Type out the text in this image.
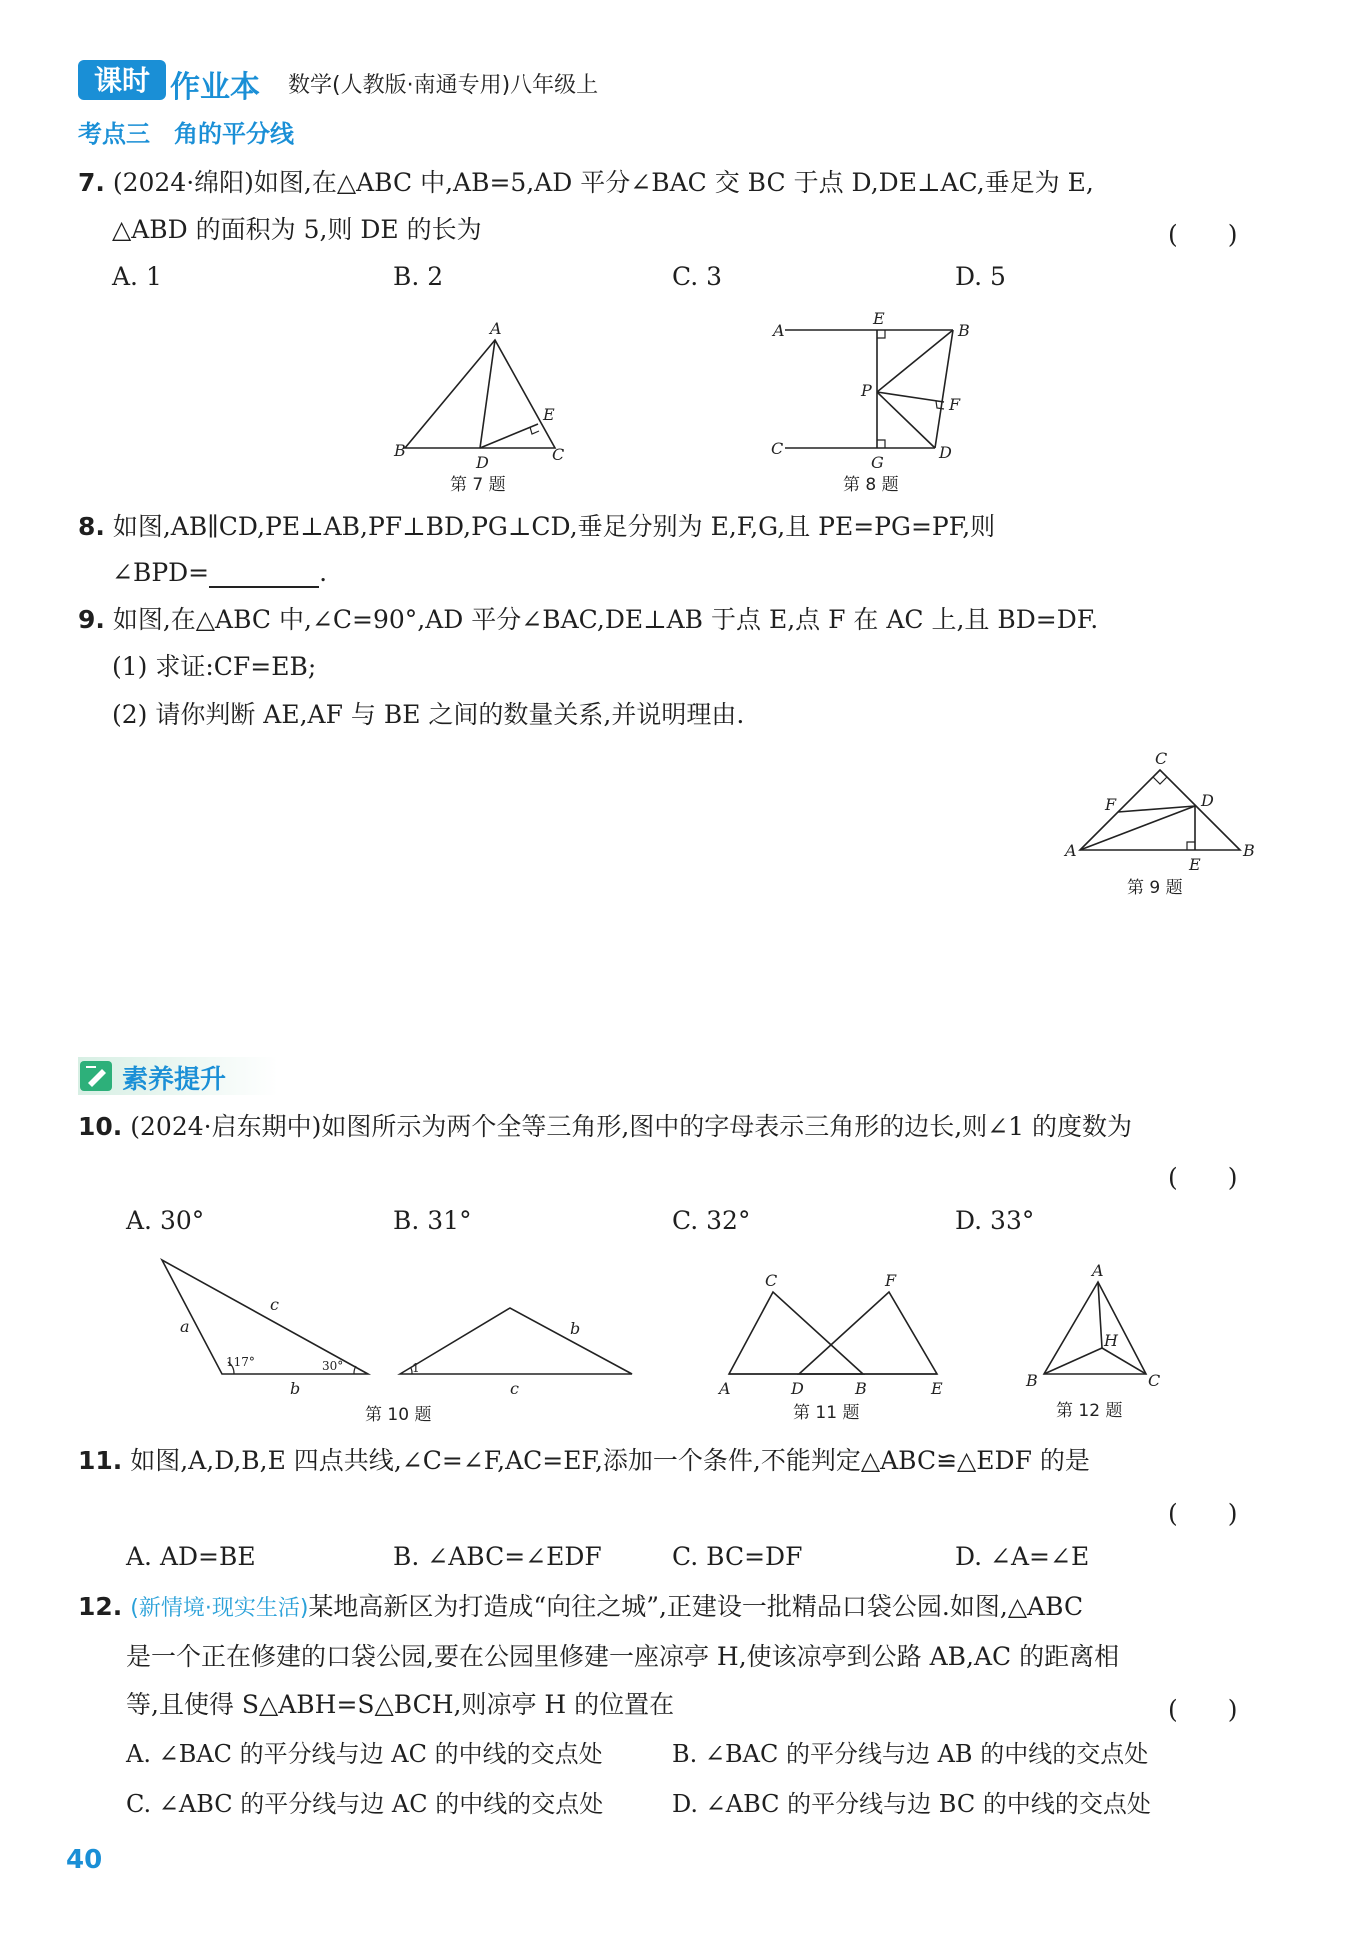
课时 作业本 数学(人教版·南通专用)八年级上
考点三　角的平分线
7. (2024·绵阳)如图,在△ABC 中,AB=5,AD 平分∠BAC 交 BC 于点 D,DE⊥AC,垂足为 E,
△ABD 的面积为 5,则 DE 的长为	(　　)
A. 1	B. 2	C. 3	D. 5
A
B
D
E
C
第 7 题
A
E
B
P
F
C
G
D
第 8 题
8. 如图,AB∥CD,PE⊥AB,PF⊥BD,PG⊥CD,垂足分别为 E,F,G,且 PE=PG=PF,则
∠BPD=	.
9. 如图,在△ABC 中,∠C=90°,AD 平分∠BAC,DE⊥AB 于点 E,点 F 在 AC 上,且 BD=DF.
(1) 求证:CF=EB;
(2) 请你判断 AE,AF 与 BE 之间的数量关系,并说明理由.
C
F	D
A
E
B
第 9 题
素养提升
10. (2024·启东期中)如图所示为两个全等三角形,图中的字母表示三角形的边长,则∠1 的度数为
(　　)
A. 30°	B. 31°	C. 32°	D. 33°
a
c
117°	30°
b
b
1
c
第 10 题
C	F
A	D	B	E
第 11 题
A
H
B	C
第 12 题
11. 如图,A,D,B,E 四点共线,∠C=∠F,AC=EF,添加一个条件,不能判定△ABC≌△EDF 的是
(　　)
A. AD=BE	B. ∠ABC=∠EDF	C. BC=DF	D. ∠A=∠E
12. (新情境·现实生活)某地高新区为打造成“向往之城”,正建设一批精品口袋公园.如图,△ABC
是一个正在修建的口袋公园,要在公园里修建一座凉亭 H,使该凉亭到公路 AB,AC 的距离相
等,且使得 S△ABH=S△BCH,则凉亭 H 的位置在	(　　)
A. ∠BAC 的平分线与边 AC 的中线的交点处	B. ∠BAC 的平分线与边 AB 的中线的交点处
C. ∠ABC 的平分线与边 AC 的中线的交点处	D. ∠ABC 的平分线与边 BC 的中线的交点处
40
